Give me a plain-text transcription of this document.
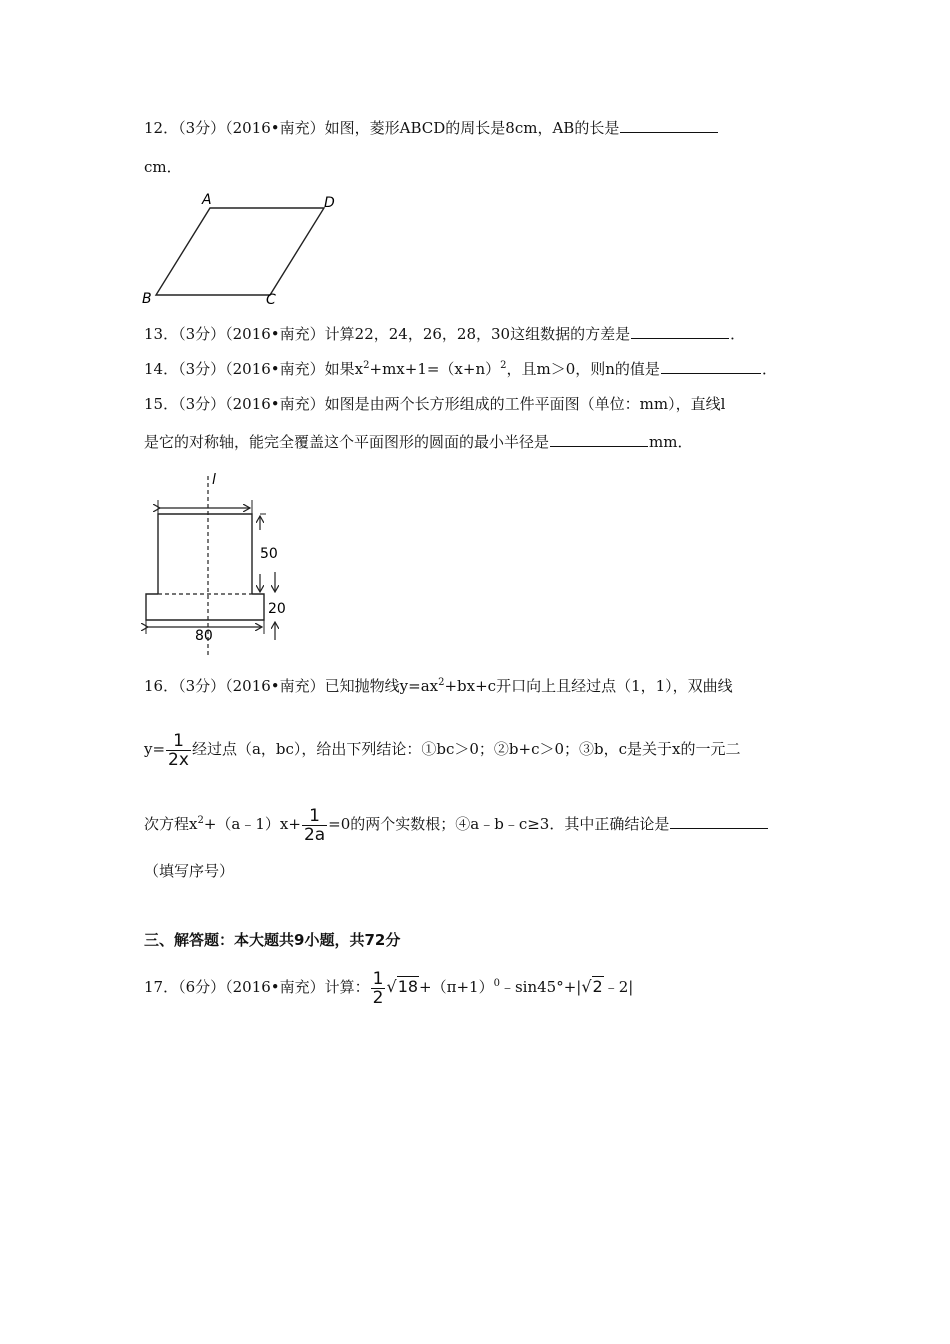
12．（3分）（2016•南充）如图，菱形ABCD的周长是8cm，AB的长是
cm．
A	D
B	C
13．（3分）（2016•南充）计算22，24，26，28，30这组数据的方差是	．
14．（3分）（2016•南充）如果$x^2+mx+1=(x+n)^2$，且m＞0，则n的值是	．
15．（3分）（2016•南充）如图是由两个长方形组成的工件平面图（单位：mm），直线l
是它的对称轴，能完全覆盖这个平面图形的圆面的最小半径是	mm．
l
50
20
80
16．（3分）（2016•南充）已知抛物线$y=ax^2+bx+c$开口向上且经过点（1，1），双曲线
$y= \frac{1}{2x}$ 经过点（a，bc），给出下列结论：①bc＞0；②b+c＞0；③b，c是关于x的一元二
次方程$x^2+(a﹣1)x+ \frac{1}{2a} =0$的两个实数根；④a﹣b﹣c≥3．其中正确结论是
（填写序号）
三、解答题：本大题共9小题，共72分
17．（6分）（2016•南充）计算： $\frac{1}{2}$ $√18+(\pi+1)^0﹣\sin 45^\circ+|√2﹣2|$
